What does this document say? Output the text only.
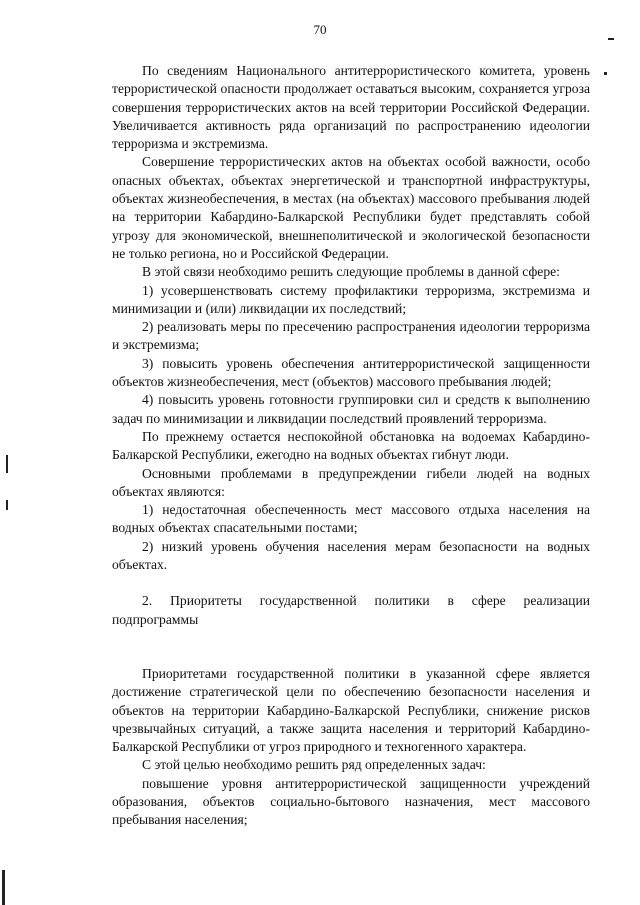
70

По сведениям Национального антитеррористического комитета, уровень террористической опасности продолжает оставаться высоким, сохраняется угроза совершения террористических актов на всей территории Российской Федерации. Увеличивается активность ряда организаций по распространению идеологии терроризма и экстремизма.

Совершение террористических актов на объектах особой важности, особо опасных объектах, объектах энергетической и транспортной инфраструктуры, объектах жизнеобеспечения, в местах (на объектах) массового пребывания людей на территории Кабардино-Балкарской Республики будет представлять собой угрозу для экономической, внешнеполитической и экологической безопасности не только региона, но и Российской Федерации.

В этой связи необходимо решить следующие проблемы в данной сфере:

1) усовершенствовать систему профилактики терроризма, экстремизма и минимизации и (или) ликвидации их последствий;

2) реализовать меры по пресечению распространения идеологии терроризма и экстремизма;

3) повысить уровень обеспечения антитеррористической защищенности объектов жизнеобеспечения, мест (объектов) массового пребывания людей;

4) повысить уровень готовности группировки сил и средств к выполнению задач по минимизации и ликвидации последствий проявлений терроризма.

По прежнему остается неспокойной обстановка на водоемах Кабардино-Балкарской Республики, ежегодно на водных объектах гибнут люди.

Основными проблемами в предупреждении гибели людей на водных объектах являются:

1) недостаточная обеспеченность мест массового отдыха населения на водных объектах спасательными постами;

2) низкий уровень обучения населения мерам безопасности на водных объектах.

2. Приоритеты государственной политики в сфере реализации подпрограммы

Приоритетами государственной политики в указанной сфере является достижение стратегической цели по обеспечению безопасности населения и объектов на территории Кабардино-Балкарской Республики, снижение рисков чрезвычайных ситуаций, а также защита населения и территорий Кабардино-Балкарской Республики от угроз природного и техногенного характера.

С этой целью необходимо решить ряд определенных задач:

повышение уровня антитеррористической защищенности учреждений образования, объектов социально-бытового назначения, мест массового пребывания населения;
